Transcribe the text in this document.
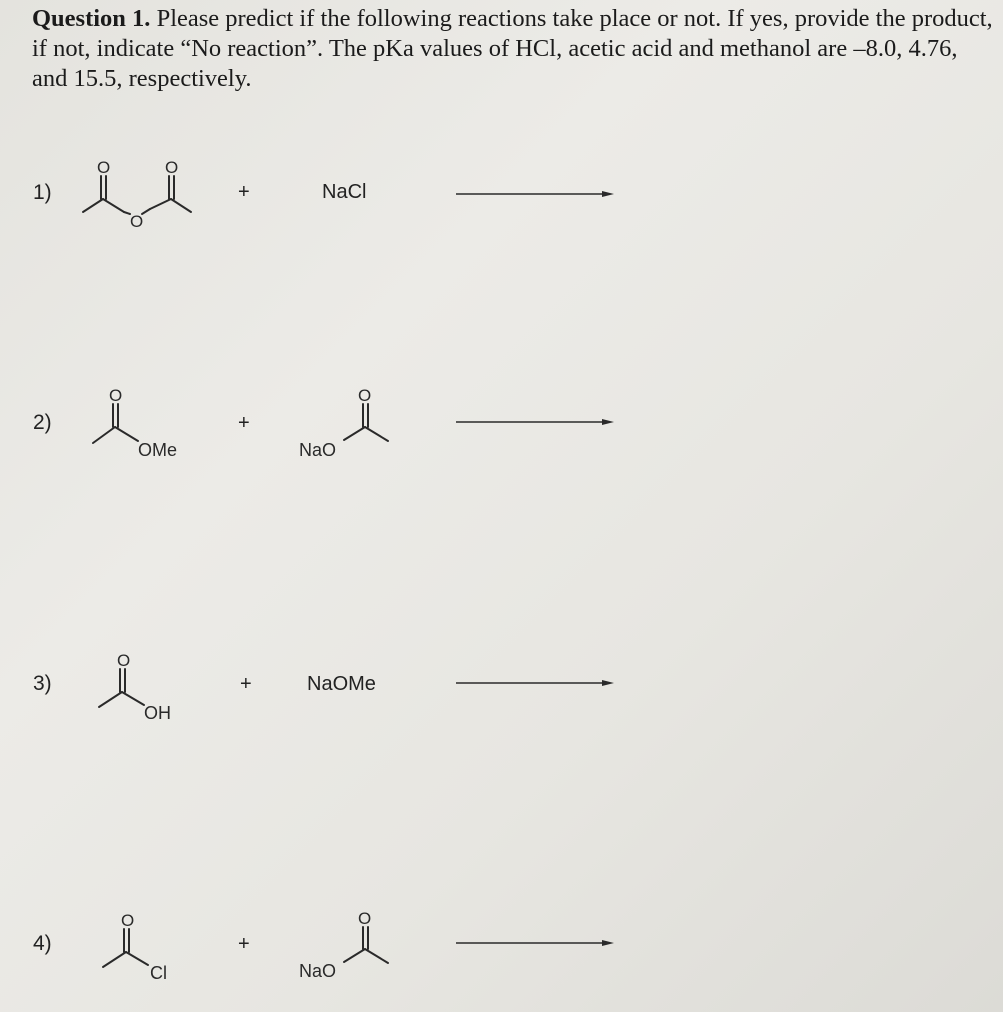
Question 1. Please predict if the following reactions take place or not. If yes, provide the product, if not, indicate “No reaction”. The pKa values of HCl, acetic acid and methanol are –8.0, 4.76, and 15.5, respectively.
1)
O	O
O
+	NaCl
2)
O
OMe
+
NaO
O
3)
O
OH
+	NaOMe
4)
O
Cl
+
NaO
O
